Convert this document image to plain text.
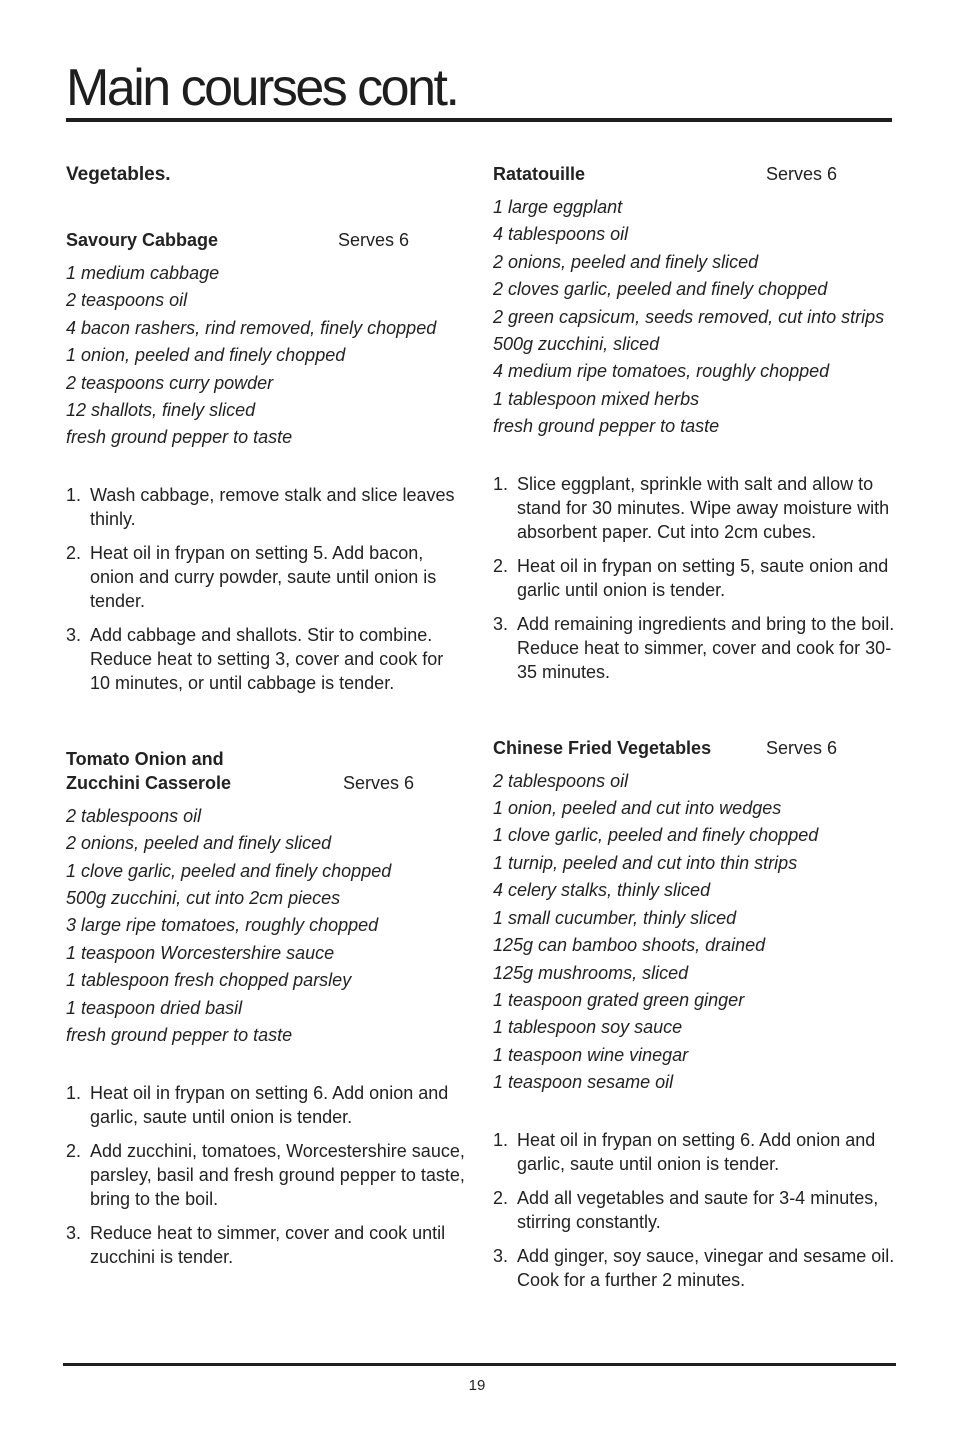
Main courses cont.
Vegetables.
Savoury Cabbage	Serves 6
1 medium cabbage
2 teaspoons oil
4 bacon rashers, rind removed, finely chopped
1 onion, peeled and finely chopped
2 teaspoons curry powder
12 shallots, finely sliced
fresh ground pepper to taste
1. Wash cabbage, remove stalk and slice leaves thinly.
2. Heat oil in frypan on setting 5. Add bacon, onion and curry powder, saute until onion is tender.
3. Add cabbage and shallots. Stir to combine. Reduce heat to setting 3, cover and cook for 10 minutes, or until cabbage is tender.
Tomato Onion and Zucchini Casserole	Serves 6
2 tablespoons oil
2 onions, peeled and finely sliced
1 clove garlic, peeled and finely chopped
500g zucchini, cut into 2cm pieces
3 large ripe tomatoes, roughly chopped
1 teaspoon Worcestershire sauce
1 tablespoon fresh chopped parsley
1 teaspoon dried basil
fresh ground pepper to taste
1. Heat oil in frypan on setting 6. Add onion and garlic, saute until onion is tender.
2. Add zucchini, tomatoes, Worcestershire sauce, parsley, basil and fresh ground pepper to taste, bring to the boil.
3. Reduce heat to simmer, cover and cook until zucchini is tender.
Ratatouille	Serves 6
1 large eggplant
4 tablespoons oil
2 onions, peeled and finely sliced
2 cloves garlic, peeled and finely chopped
2 green capsicum, seeds removed, cut into strips
500g zucchini, sliced
4 medium ripe tomatoes, roughly chopped
1 tablespoon mixed herbs
fresh ground pepper to taste
1. Slice eggplant, sprinkle with salt and allow to stand for 30 minutes. Wipe away moisture with absorbent paper. Cut into 2cm cubes.
2. Heat oil in frypan on setting 5, saute onion and garlic until onion is tender.
3. Add remaining ingredients and bring to the boil. Reduce heat to simmer, cover and cook for 30-35 minutes.
Chinese Fried Vegetables	Serves 6
2 tablespoons oil
1 onion, peeled and cut into wedges
1 clove garlic, peeled and finely chopped
1 turnip, peeled and cut into thin strips
4 celery stalks, thinly sliced
1 small cucumber, thinly sliced
125g can bamboo shoots, drained
125g mushrooms, sliced
1 teaspoon grated green ginger
1 tablespoon soy sauce
1 teaspoon wine vinegar
1 teaspoon sesame oil
1. Heat oil in frypan on setting 6. Add onion and garlic, saute until onion is tender.
2. Add all vegetables and saute for 3-4 minutes, stirring constantly.
3. Add ginger, soy sauce, vinegar and sesame oil. Cook for a further 2 minutes.
19
